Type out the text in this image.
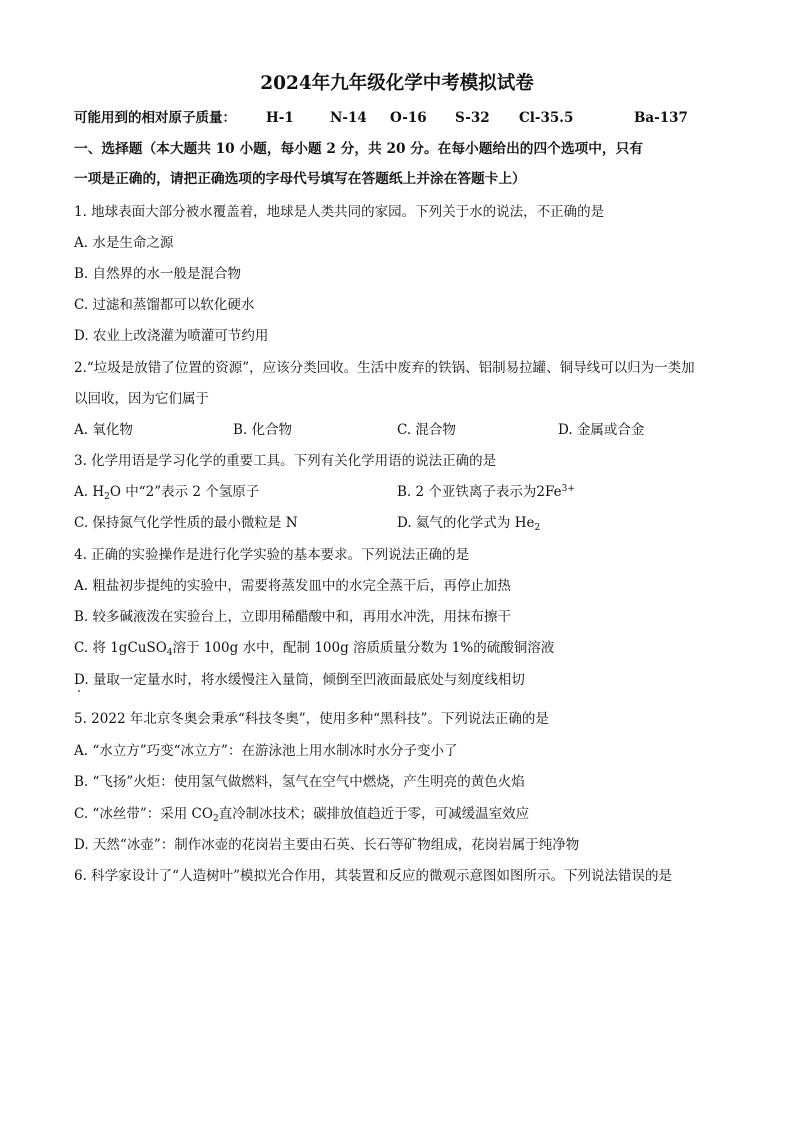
2024年九年级化学中考模拟试卷
可能用到的相对原子质量： H-1	N-14 O-16 S-32 Cl-35.5	Ba-137
一、选择题（本大题共 10 小题，每小题 2 分，共 20 分。在每小题给出的四个选项中，只有
一项是正确的，请把正确选项的字母代号填写在答题纸上并涂在答题卡上）
1. 地球表面大部分被水覆盖着，地球是人类共同的家园。下列关于水的说法，不正确的是
A. 水是生命之源
B. 自然界的水一般是混合物
C. 过滤和蒸馏都可以软化硬水
D. 农业上改浇灌为喷灌可节约用
2.“垃圾是放错了位置的资源”，应该分类回收。生活中废弃的铁锅、铝制易拉罐、铜导线可以归为一类加
以回收，因为它们属于
A. 氧化物	B. 化合物	C. 混合物	D. 金属或合金
3. 化学用语是学习化学的重要工具。下列有关化学用语的说法正确的是
A. $H_2O$ 中“2”表示 2 个氢原子	B. 2 个亚铁离子表示为$2Fe^{3+}$
C. 保持氮气化学性质的最小微粒是 N	D. 氦气的化学式为 $He_2$
4. 正确的实验操作是进行化学实验的基本要求。下列说法正确的是
A. 粗盐初步提纯的实验中，需要将蒸发皿中的水完全蒸干后，再停止加热
B. 较多碱液泼在实验台上，立即用稀醋酸中和，再用水冲洗，用抹布擦干
C. 将 1gCuSO$_4$溶于 100g 水中，配制 100g 溶质质量分数为 1%的硫酸铜溶液
D. 量取一定量水时，将水缓慢注入量筒，倾倒至凹液面最底处与刻度线相切
5. 2022 年北京冬奥会秉承“科技冬奥”，使用多种“黑科技”。下列说法正确的是
A. “水立方”巧变“冰立方”：在游泳池上用水制冰时水分子变小了
B. “飞扬”火炬：使用氢气做燃料，氢气在空气中燃烧，产生明亮的黄色火焰
C. “冰丝带”：采用 $CO_2$直冷制冰技术；碳排放值趋近于零，可减缓温室效应
D. 天然“冰壶”：制作冰壶的花岗岩主要由石英、长石等矿物组成，花岗岩属于纯净物
6. 科学家设计了“人造树叶”模拟光合作用，其装置和反应的微观示意图如图所示。下列说法错误的是
